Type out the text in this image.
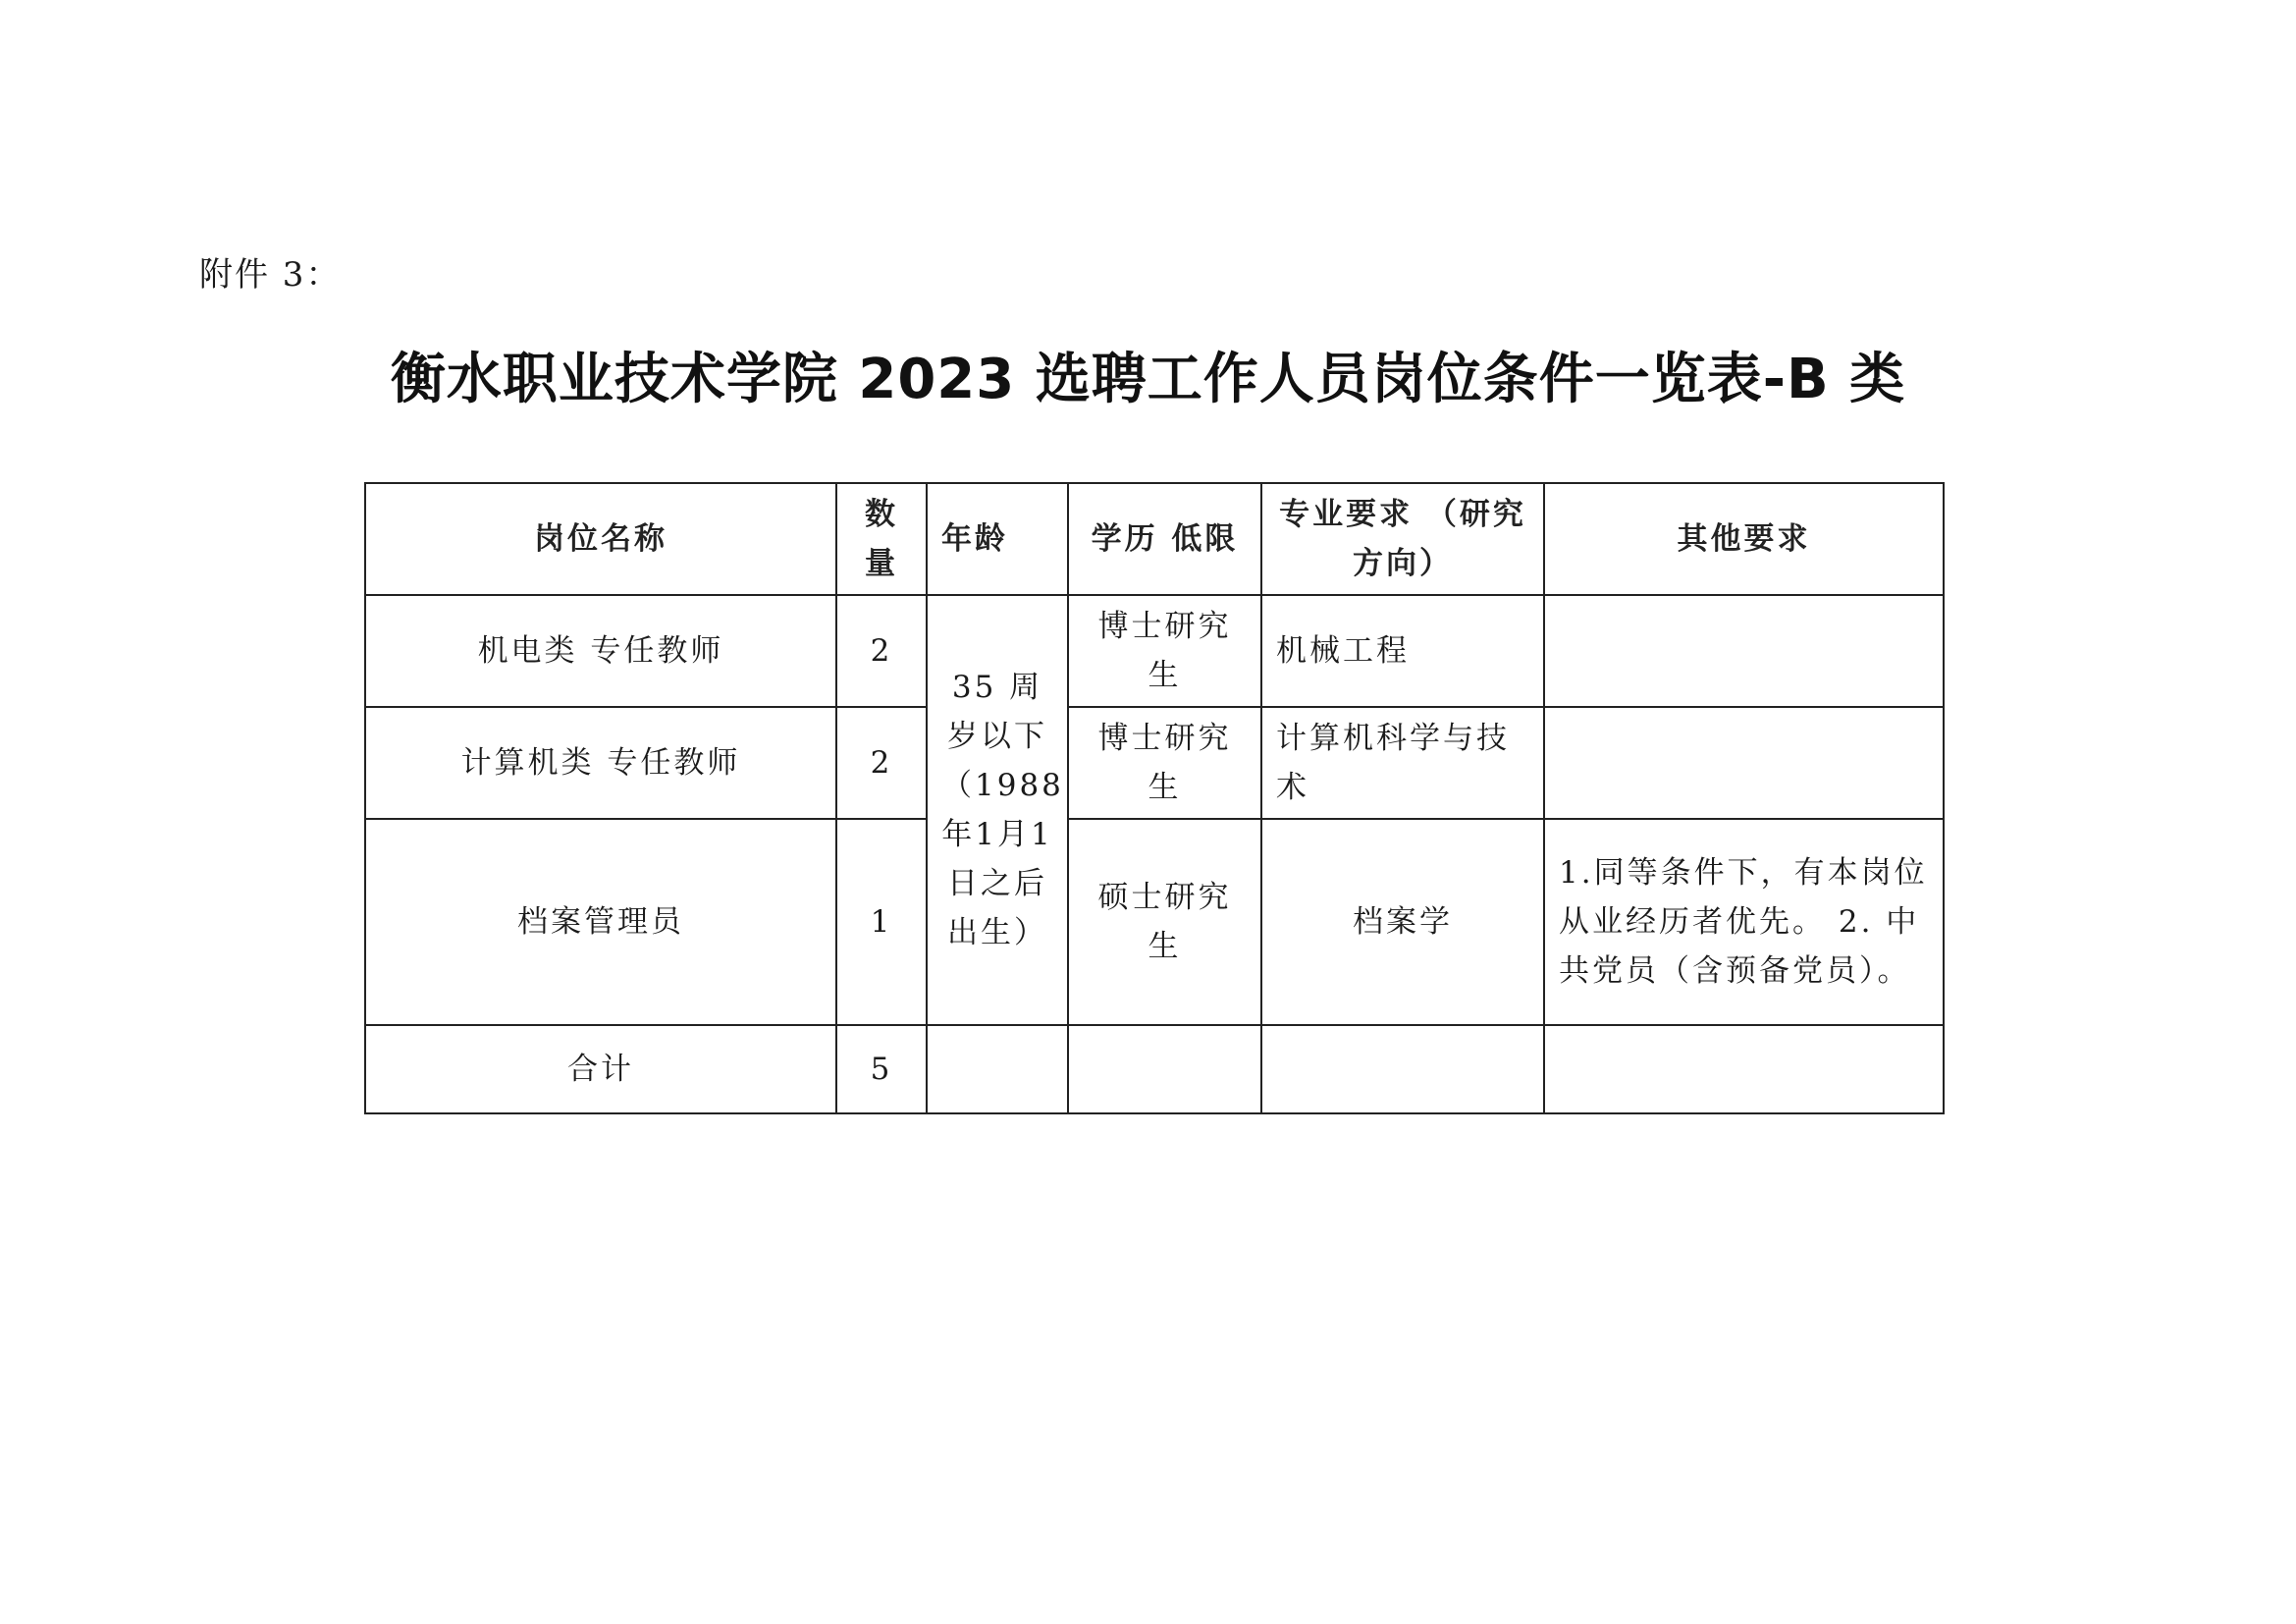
附件 3：
衡水职业技术学院 2023 选聘工作人员岗位条件一览表-B 类
岗位名称	数量	年龄	学历 低限	专业要求 （研究方向）	其他要求
机电类 专任教师	2	35 周岁以下（1988年1月1日之后出生）	博士研究生	机械工程	
计算机类 专任教师	2		博士研究生	计算机科学与技术	
档案管理员	1		硕士研究生	档案学	1.同等条件下，有本岗位从业经历者优先。 2. 中共党员（含预备党员）。
合计	5				
